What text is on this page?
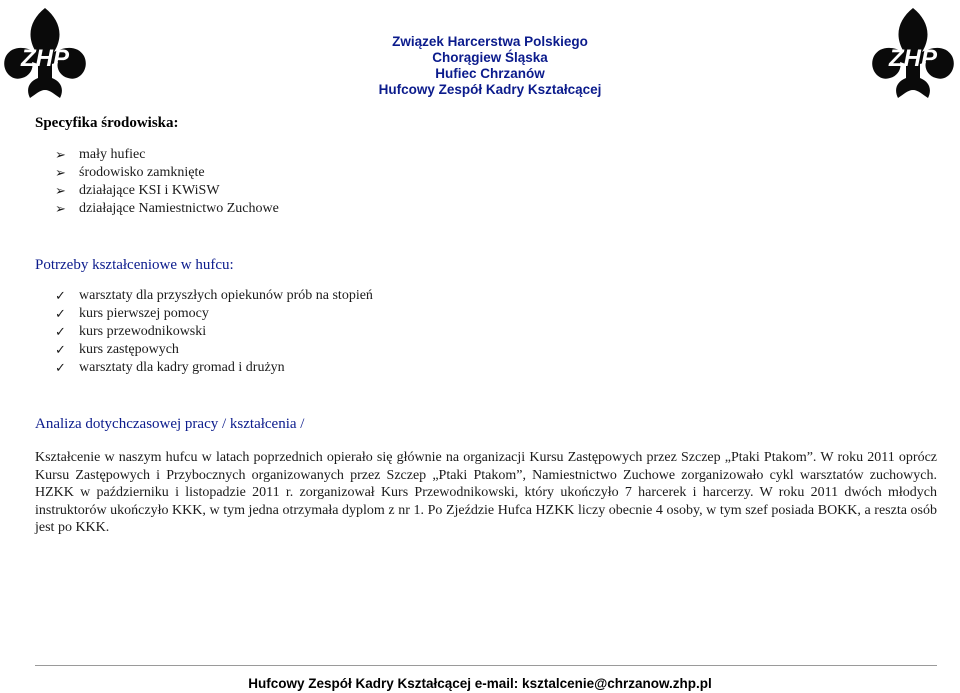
ZHP	ZHP
Związek Harcerstwa Polskiego
Chorągiew Śląska
Hufiec Chrzanów
Hufcowy Zespół Kadry Kształcącej
Specyfika środowiska:
➢ mały hufiec
➢ środowisko zamknięte
➢ działające KSI i KWiSW
➢ działające Namiestnictwo Zuchowe
Potrzeby kształceniowe w hufcu:
✓ warsztaty dla przyszłych opiekunów prób na stopień
✓ kurs pierwszej pomocy
✓ kurs przewodnikowski
✓ kurs zastępowych
✓ warsztaty dla kadry gromad i drużyn
Analiza dotychczasowej pracy / kształcenia /

Kształcenie w naszym hufcu w latach poprzednich opierało się głównie na organizacji Kursu Zastępowych przez Szczep „Ptaki Ptakom”. W roku 2011 oprócz Kursu Zastępowych i Przybocznych organizowanych przez Szczep „Ptaki Ptakom”, Namiestnictwo Zuchowe zorganizowało cykl warsztatów zuchowych. HZKK w październiku i listopadzie 2011 r. zorganizował Kurs Przewodnikowski, który ukończyło 7 harcerek i harcerzy. W roku 2011 dwóch młodych instruktorów ukończyło KKK, w tym jedna otrzymała dyplom z nr 1. Po Zjeździe Hufca HZKK liczy obecnie 4 osoby, w tym szef posiada BOKK, a reszta osób jest po KKK.

Hufcowy Zespół Kadry Kształcącej e-mail: ksztalcenie@chrzanow.zhp.pl
